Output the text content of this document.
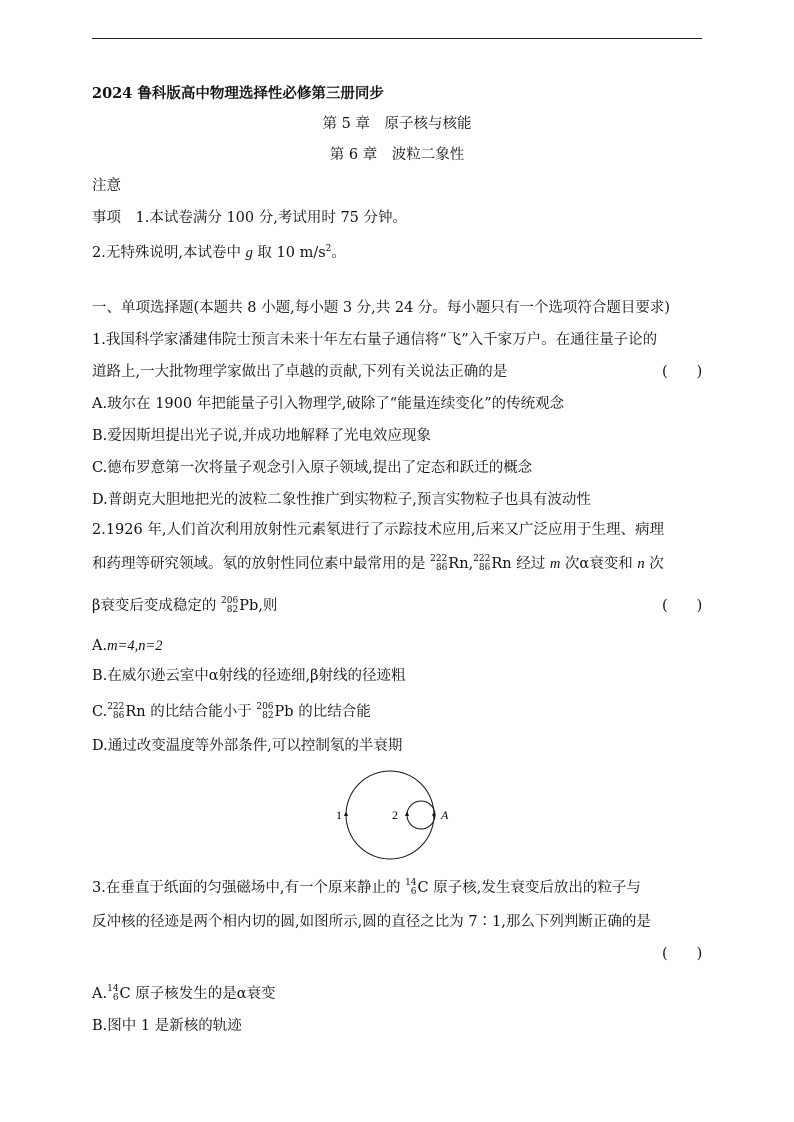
2024 鲁科版高中物理选择性必修第三册同步
第 5 章　原子核与核能
第 6 章　波粒二象性
注意
事项　 1.本试卷满分 100 分,考试用时 75 分钟。
2.无特殊说明,本试卷中 g 取 10 $m/s^2$。
一、单项选择题(本题共 8 小题,每小题 3 分,共 24 分。每小题只有一个选项符合题目要求)
1.我国科学家潘建伟院士预言未来十年左右量子通信将“飞”入千家万户。在通往量子论的
道路上,一大批物理学家做出了卓越的贡献,下列有关说法正确的是	(　　)
A.玻尔在 1900 年把能量子引入物理学,破除了“能量连续变化”的传统观念
B.爱因斯坦提出光子说,并成功地解释了光电效应现象
C.德布罗意第一次将量子观念引入原子领域,提出了定态和跃迁的概念
D.普朗克大胆地把光的波粒二象性推广到实物粒子,预言实物粒子也具有波动性
2.1926 年,人们首次利用放射性元素氡进行了示踪技术应用,后来又广泛应用于生理、病理
和药理等研究领域。氡的放射性同位素中最常用的是 222
86 Rn, 222
86 Rn 经过 m 次α衰变和 n 次
β衰变后变成稳定的 206
82 Pb,则	(　　)
A.m=4,n=2
B.在威尔逊云室中α射线的径迹细,β射线的径迹粗
C. 222
86 Rn 的比结合能小于 206
82 Pb 的比结合能
D.通过改变温度等外部条件,可以控制氡的半衰期
1	2	A
3.在垂直于纸面的匀强磁场中,有一个原来静止的 14
6 C 原子核,发生衰变后放出的粒子与
反冲核的径迹是两个相内切的圆,如图所示,圆的直径之比为 7∶1,那么下列判断正确的是
(　　)
A. 14
6 C 原子核发生的是α衰变
B.图中 1 是新核的轨迹
